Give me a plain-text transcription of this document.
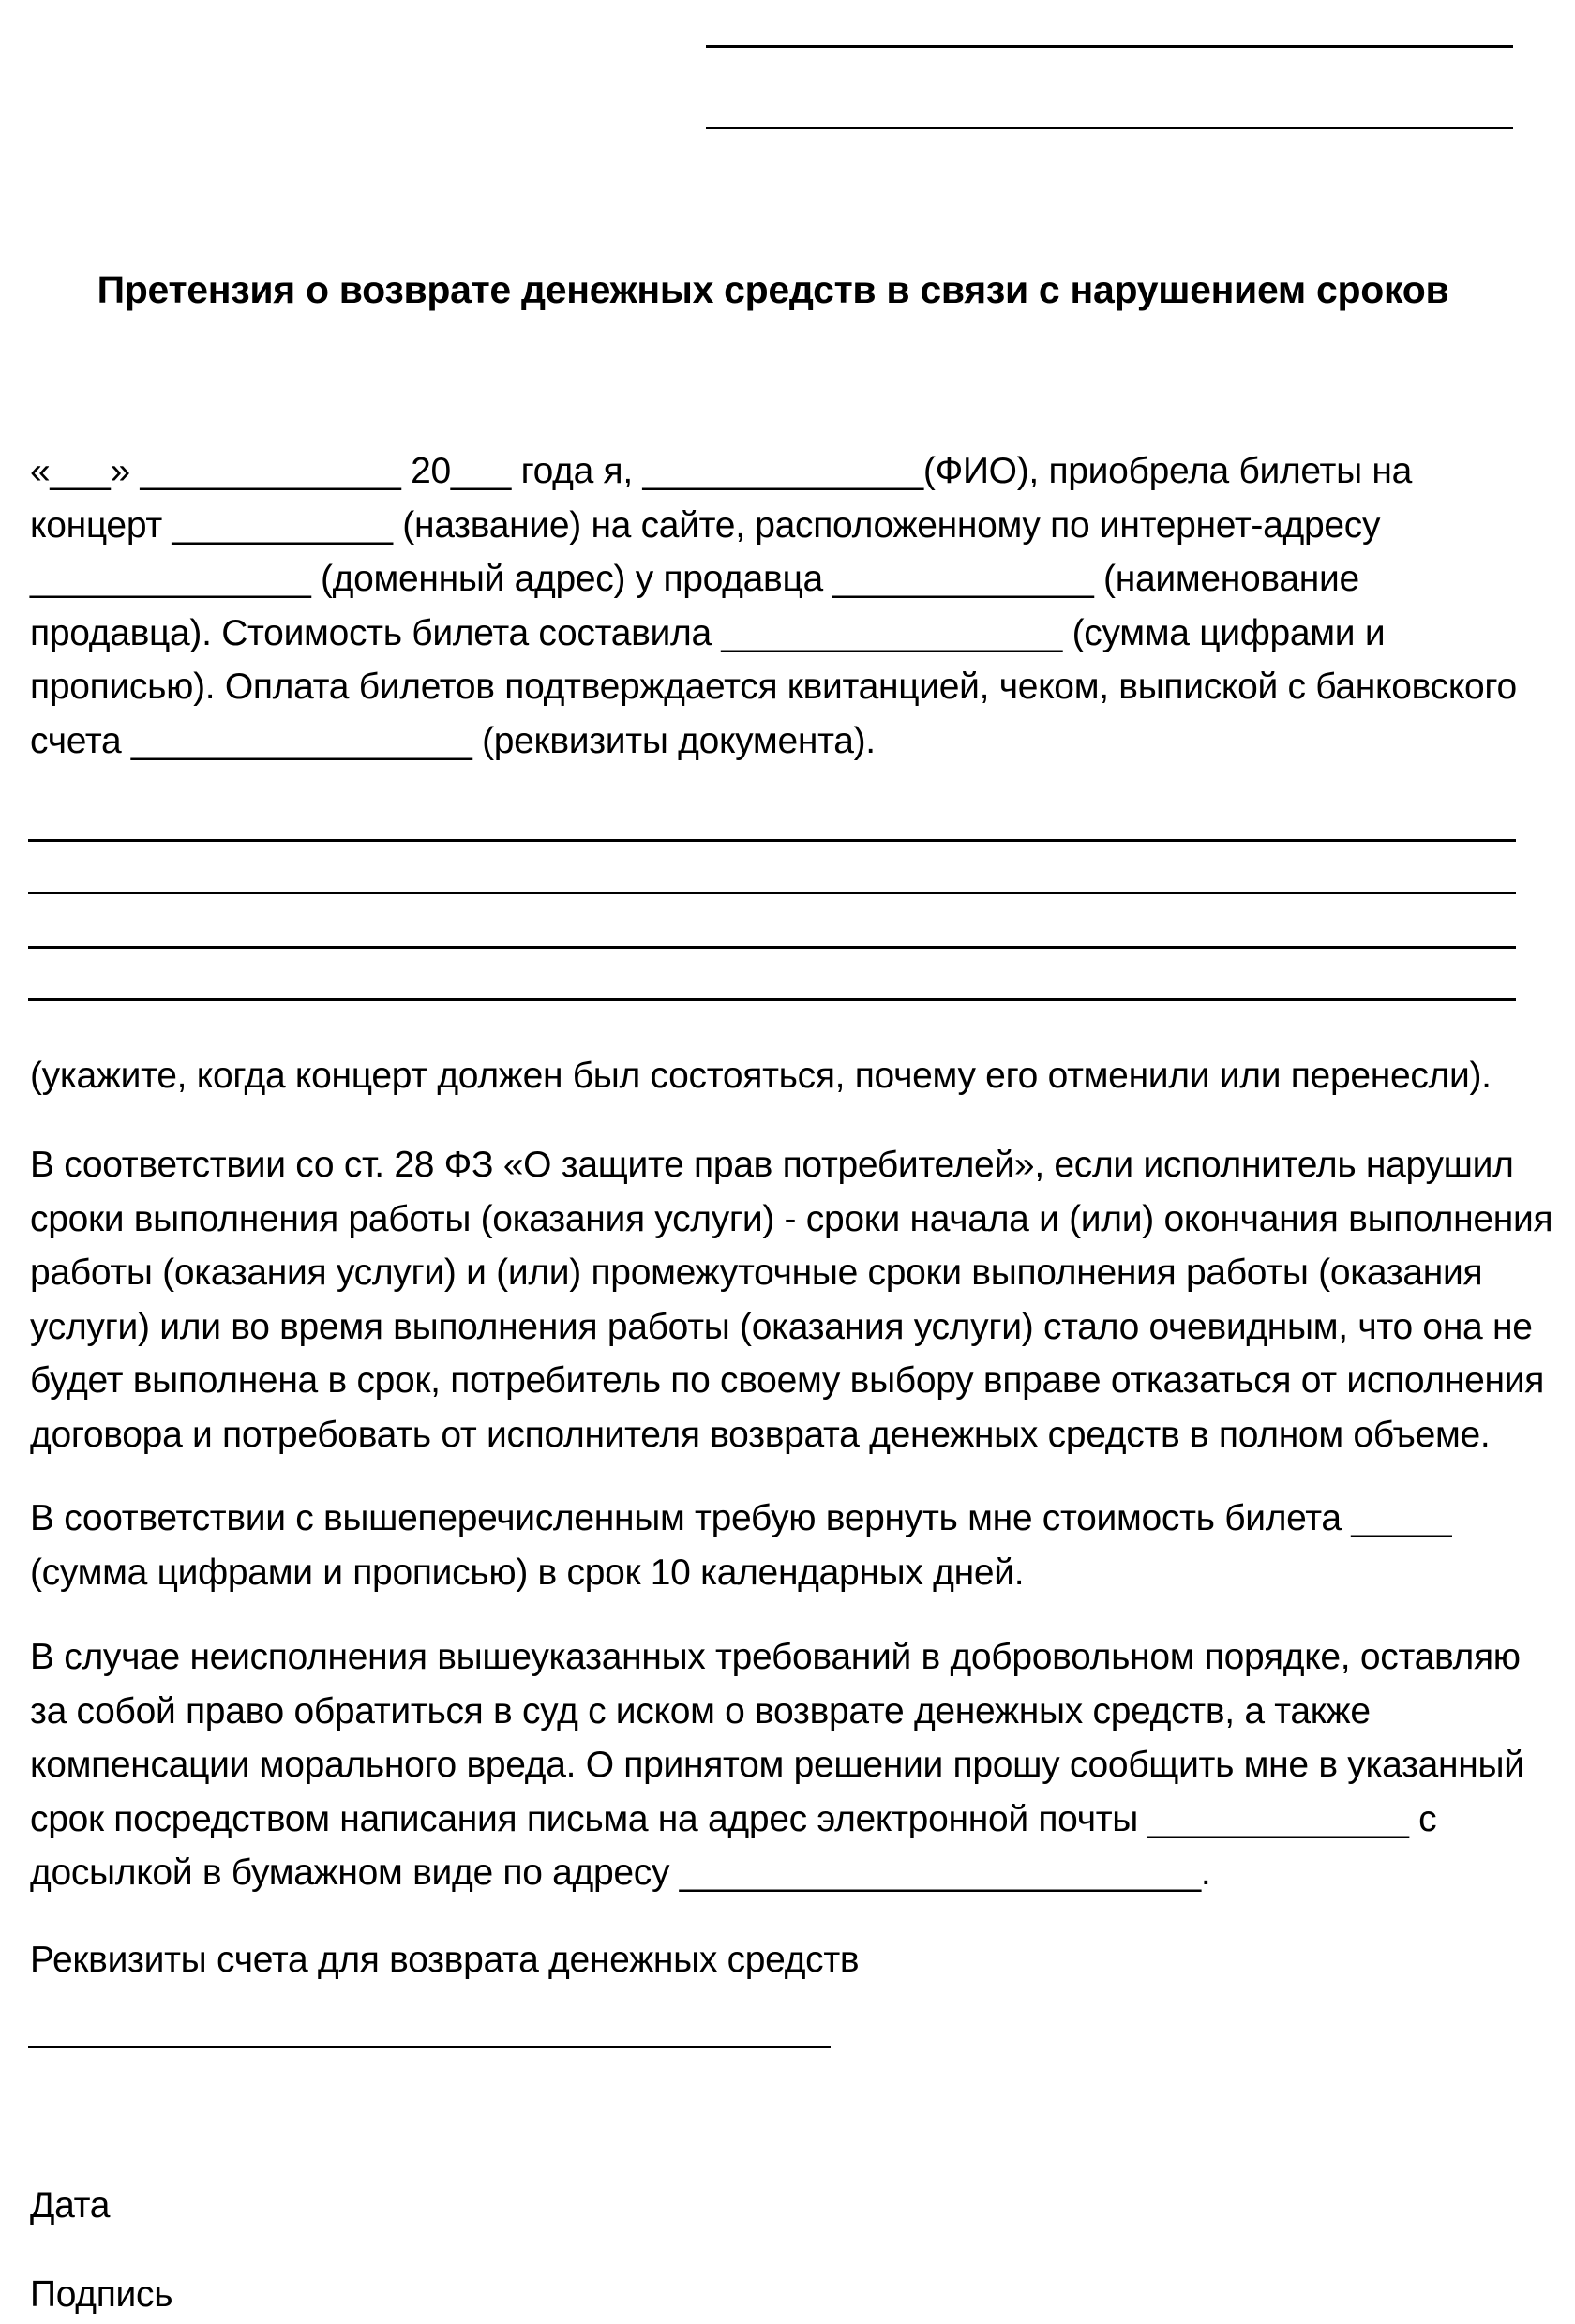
Претензия о возврате денежных средств в связи с нарушением сроков
«___» _____________ 20___ года я, ______________(ФИО), приобрела билеты на
концерт ___________ (название) на сайте, расположенному по интернет-адресу
______________ (доменный адрес) у продавца _____________ (наименование
продавца). Стоимость билета составила _________________ (сумма цифрами и
прописью). Оплата билетов подтверждается квитанцией, чеком, выпиской с банковского
счета _________________ (реквизиты документа).
(укажите, когда концерт должен был состояться, почему его отменили или перенесли).
В соответствии со ст. 28 ФЗ «О защите прав потребителей», если исполнитель нарушил
сроки выполнения работы (оказания услуги) - сроки начала и (или) окончания выполнения
работы (оказания услуги) и (или) промежуточные сроки выполнения работы (оказания
услуги) или во время выполнения работы (оказания услуги) стало очевидным, что она не
будет выполнена в срок, потребитель по своему выбору вправе отказаться от исполнения
договора и потребовать от исполнителя возврата денежных средств в полном объеме.
В соответствии с вышеперечисленным требую вернуть мне стоимость билета _____
(сумма цифрами и прописью) в срок 10 календарных дней.
В случае неисполнения вышеуказанных требований в добровольном порядке, оставляю
за собой право обратиться в суд с иском о возврате денежных средств, а также
компенсации морального вреда. О принятом решении прошу сообщить мне в указанный
срок посредством написания письма на адрес электронной почты _____________ с
досылкой в бумажном виде по адресу __________________________.
Реквизиты счета для возврата денежных средств
Дата
Подпись
